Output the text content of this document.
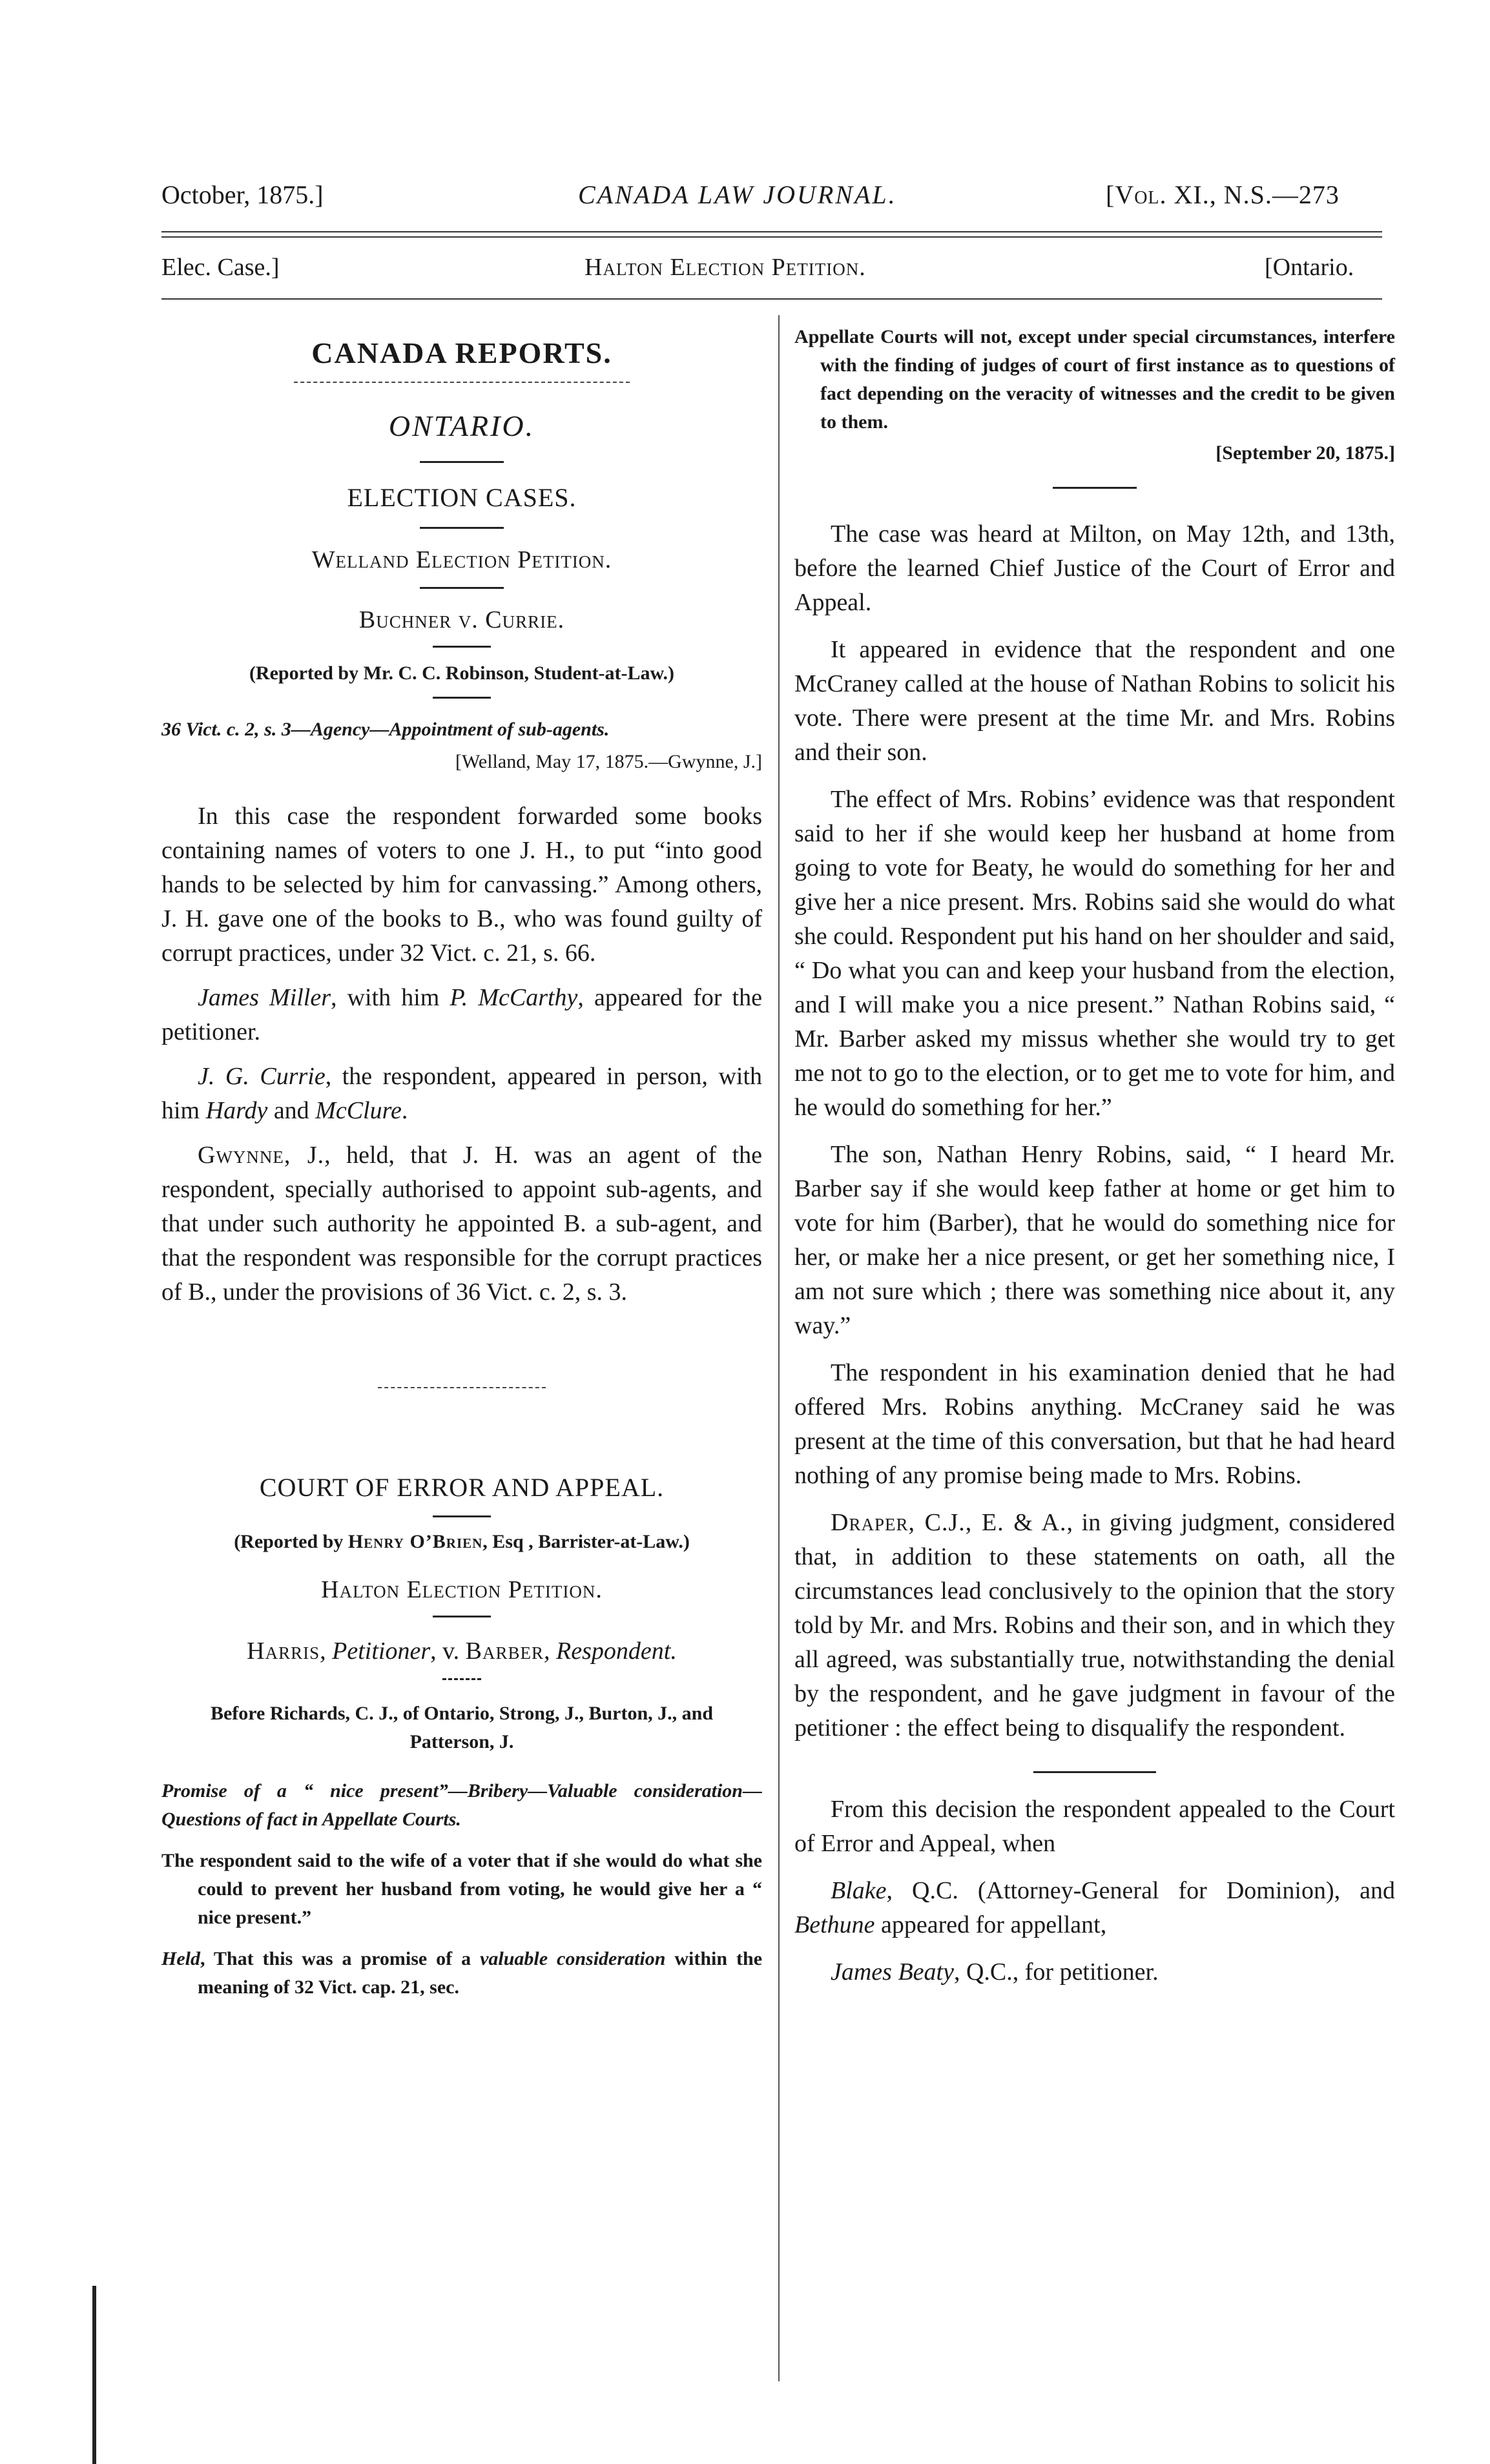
October, 1875.]	CANADA LAW JOURNAL.	[Vol. XI., N.S.—273
Elec. Case.]	Halton Election Petition.	[Ontario.
CANADA REPORTS.
ONTARIO.
ELECTION CASES.
Welland Election Petition.
Buchner v. Currie.
(Reported by Mr. C. C. Robinson, Student-at-Law.)
36 Vict. c. 2, s. 3—Agency—Appointment of sub-agents.
[Welland, May 17, 1875.—Gwynne, J.]

In this case the respondent forwarded some books containing names of voters to one J. H., to put “into good hands to be selected by him for canvassing.” Among others, J. H. gave one of the books to B., who was found guilty of corrupt practices, under 32 Vict. c. 21, s. 66.

James Miller, with him P. McCarthy, appeared for the petitioner.

J. G. Currie, the respondent, appeared in person, with him Hardy and McClure.

Gwynne, J., held, that J. H. was an agent of the respondent, specially authorised to appoint sub-agents, and that under such authority he appointed B. a sub-agent, and that the respondent was responsible for the corrupt practices of B., under the provisions of 36 Vict. c. 2, s. 3.

COURT OF ERROR AND APPEAL.
(Reported by Henry O’Brien, Esq , Barrister-at-Law.)
Halton Election Petition.
Harris, Petitioner, v. Barber, Respondent.
Before Richards, C. J., of Ontario, Strong, J., Burton, J., and Patterson, J.
Promise of a “ nice present”—Bribery—Valuable consideration—Questions of fact in Appellate Courts.
The respondent said to the wife of a voter that if she would do what she could to prevent her husband from voting, he would give her a “ nice present.”
Held, That this was a promise of a valuable consideration within the meaning of 32 Vict. cap. 21, sec.
Appellate Courts will not, except under special circumstances, interfere with the finding of judges of court of first instance as to questions of fact depending on the veracity of witnesses and the credit to be given to them.
[September 20, 1875.]

The case was heard at Milton, on May 12th, and 13th, before the learned Chief Justice of the Court of Error and Appeal.

It appeared in evidence that the respondent and one McCraney called at the house of Nathan Robins to solicit his vote. There were present at the time Mr. and Mrs. Robins and their son.

The effect of Mrs. Robins’ evidence was that respondent said to her if she would keep her husband at home from going to vote for Beaty, he would do something for her and give her a nice present. Mrs. Robins said she would do what she could. Respondent put his hand on her shoulder and said, “ Do what you can and keep your husband from the election, and I will make you a nice present.” Nathan Robins said, “ Mr. Barber asked my missus whether she would try to get me not to go to the election, or to get me to vote for him, and he would do something for her.”

The son, Nathan Henry Robins, said, “ I heard Mr. Barber say if she would keep father at home or get him to vote for him (Barber), that he would do something nice for her, or make her a nice present, or get her something nice, I am not sure which ; there was something nice about it, any way.”

The respondent in his examination denied that he had offered Mrs. Robins anything. McCraney said he was present at the time of this conversation, but that he had heard nothing of any promise being made to Mrs. Robins.

Draper, C.J., E. & A., in giving judgment, considered that, in addition to these statements on oath, all the circumstances lead conclusively to the opinion that the story told by Mr. and Mrs. Robins and their son, and in which they all agreed, was substantially true, notwithstanding the denial by the respondent, and he gave judgment in favour of the petitioner : the effect being to disqualify the respondent.

From this decision the respondent appealed to the Court of Error and Appeal, when

Blake, Q.C. (Attorney-General for Dominion), and Bethune appeared for appellant,

James Beaty, Q.C., for petitioner.
